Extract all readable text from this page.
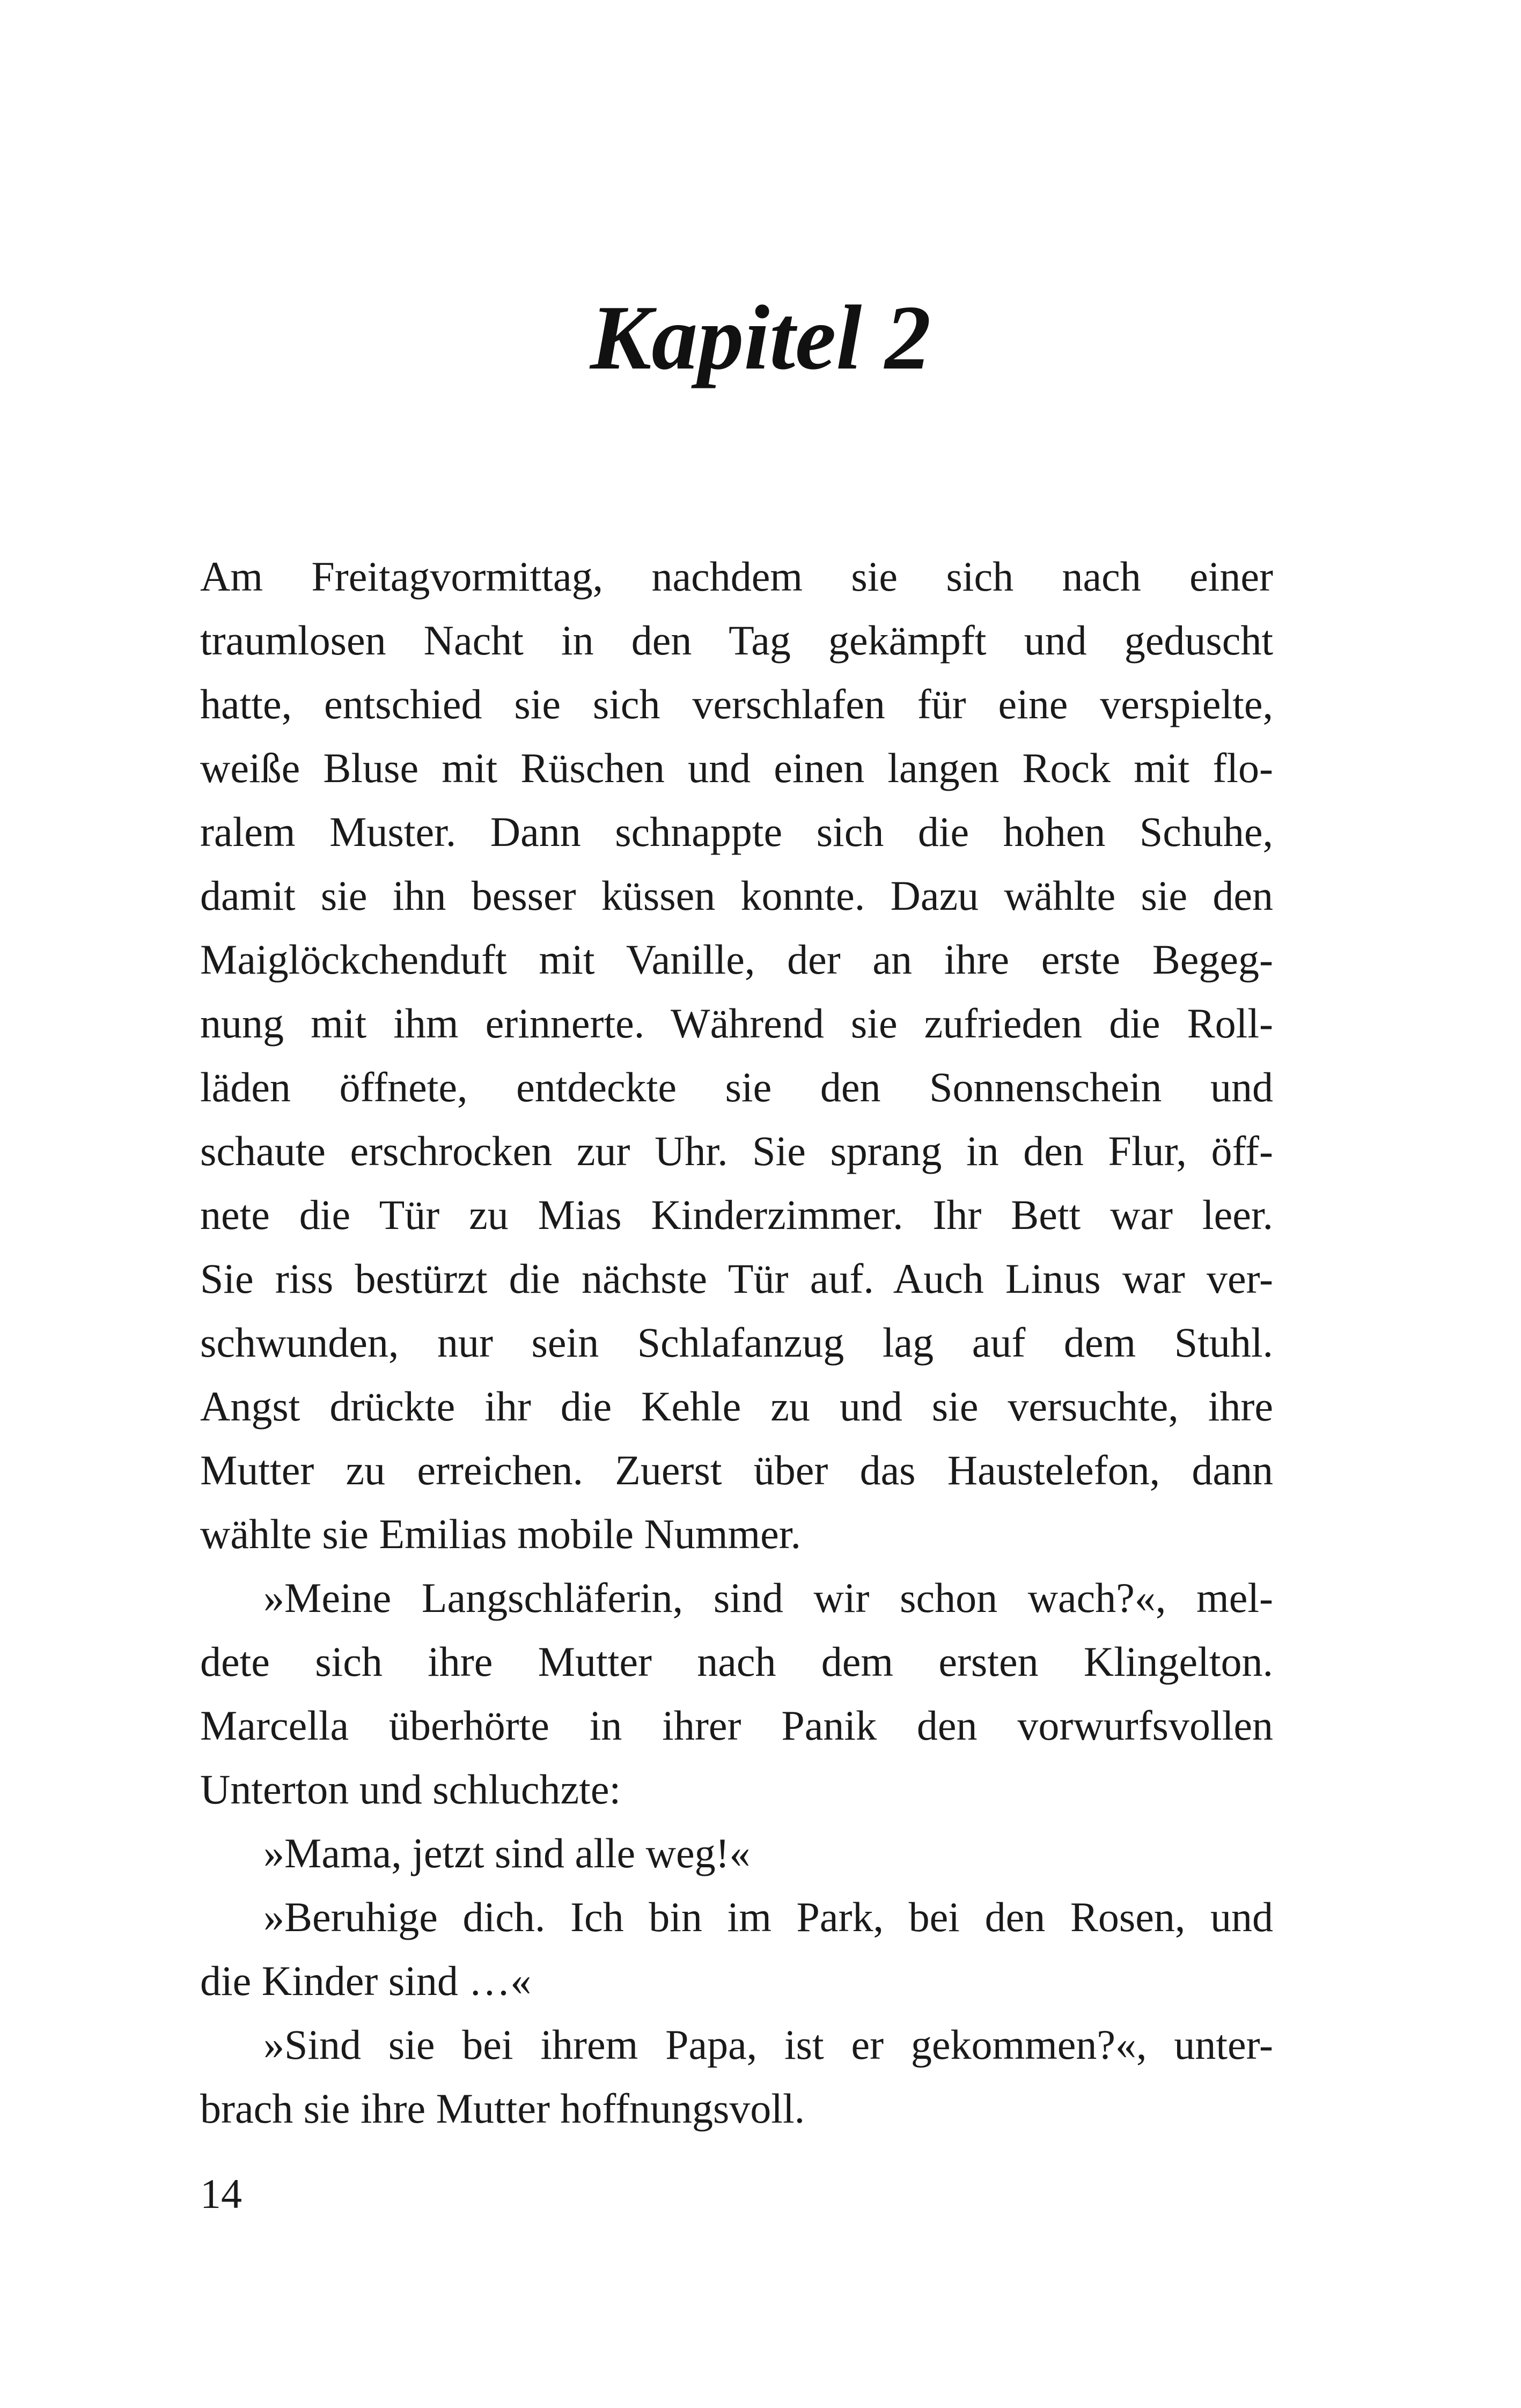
Kapitel 2
Am Freitagvormittag, nachdem sie sich nach einer
traumlosen Nacht in den Tag gekämpft und geduscht
hatte, entschied sie sich verschlafen für eine verspielte,
weiße Bluse mit Rüschen und einen langen Rock mit flo-
ralem Muster. Dann schnappte sich die hohen Schuhe,
damit sie ihn besser küssen konnte. Dazu wählte sie den
Maiglöckchenduft mit Vanille, der an ihre erste Begeg-
nung mit ihm erinnerte. Während sie zufrieden die Roll-
läden öffnete, entdeckte sie den Sonnenschein und
schaute erschrocken zur Uhr. Sie sprang in den Flur, öff-
nete die Tür zu Mias Kinderzimmer. Ihr Bett war leer.
Sie riss bestürzt die nächste Tür auf. Auch Linus war ver-
schwunden, nur sein Schlafanzug lag auf dem Stuhl.
Angst drückte ihr die Kehle zu und sie versuchte, ihre
Mutter zu erreichen. Zuerst über das Haustelefon, dann
wählte sie Emilias mobile Nummer.
»Meine Langschläferin, sind wir schon wach?«, mel-
dete sich ihre Mutter nach dem ersten Klingelton.
Marcella überhörte in ihrer Panik den vorwurfsvollen
Unterton und schluchzte:
»Mama, jetzt sind alle weg!«
»Beruhige dich. Ich bin im Park, bei den Rosen, und
die Kinder sind …«
»Sind sie bei ihrem Papa, ist er gekommen?«, unter-
brach sie ihre Mutter hoffnungsvoll.
14
